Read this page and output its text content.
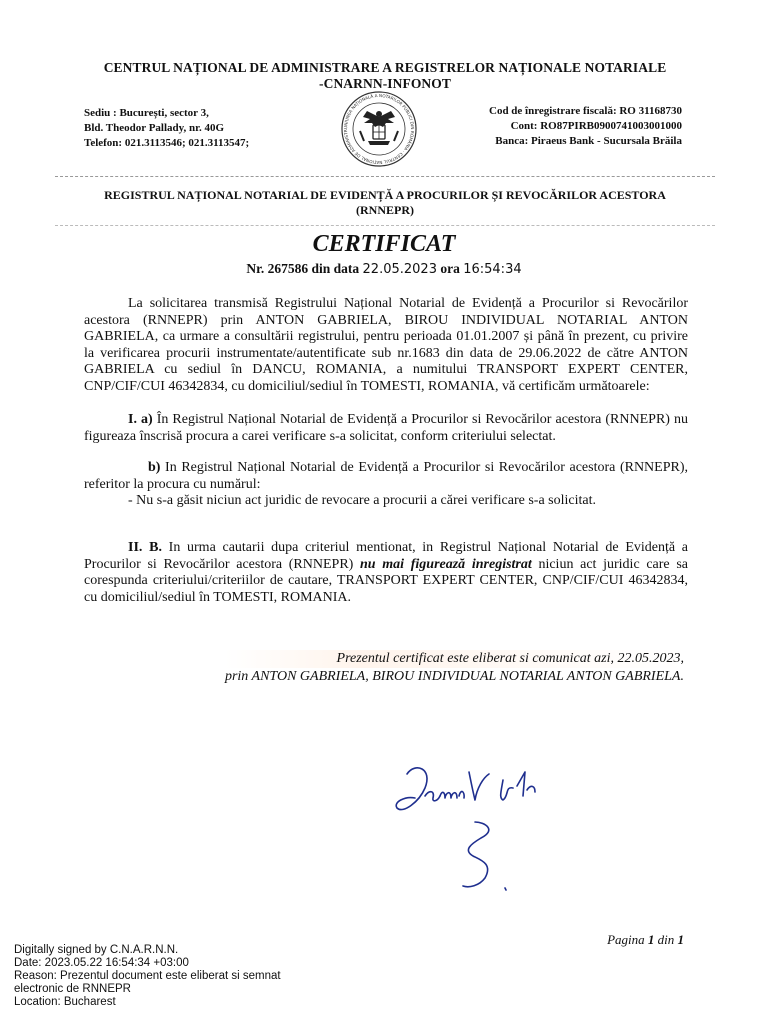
CENTRUL NAȚIONAL DE ADMINISTRARE A REGISTRELOR NAȚIONALE NOTARIALE
-CNARNN-INFONOT
Sediu : București, sector 3,
Bld. Theodor Pallady, nr. 40G
Telefon: 021.3113546; 021.3113547;
UNIUNEA NAȚIONALĂ A NOTARILOR PUBLICI DIN ROMÂNIA · CENTRUL NAȚIONAL DE ADMINISTR
Cod de înregistrare fiscală: RO 31168730
Cont: RO87PIRB0900741003001000
Banca: Piraeus Bank - Sucursala Brăila
REGISTRUL NAȚIONAL NOTARIAL DE EVIDENȚĂ A PROCURILOR ȘI REVOCĂRILOR ACESTORA
(RNNEPR)
CERTIFICAT
Nr. 267586 din data 22.05.2023 ora 16:54:34
La solicitarea transmisă Registrului Național Notarial de Evidență a Procurilor si Revocărilor acestora (RNNEPR) prin ANTON GABRIELA, BIROU INDIVIDUAL NOTARIAL ANTON GABRIELA, ca urmare a consultării registrului, pentru perioada 01.01.2007 și până în prezent, cu privire la verificarea procurii instrumentate/autentificate sub nr.1683 din data de 29.06.2022 de către ANTON GABRIELA cu sediul în DANCU, ROMANIA, a numitului TRANSPORT EXPERT CENTER, CNP/CIF/CUI 46342834, cu domiciliul/sediul în TOMESTI, ROMANIA, vă certificăm următoarele:
I. a) În Registrul Național Notarial de Evidență a Procurilor si Revocărilor acestora (RNNEPR) nu figureaza înscrisă procura a carei verificare s-a solicitat, conform criteriului selectat.
b) In Registrul Național Notarial de Evidență a Procurilor si Revocărilor acestora (RNNEPR), referitor la procura cu numărul:
- Nu s-a găsit niciun act juridic de revocare a procurii a cărei verificare s-a solicitat.
II. B. In urma cautarii dupa criteriul mentionat, in Registrul Național Notarial de Evidență a Procurilor si Revocărilor acestora (RNNEPR) nu mai figurează inregistrat niciun act juridic care sa corespunda criteriului/criteriilor de cautare, TRANSPORT EXPERT CENTER, CNP/CIF/CUI 46342834, cu domiciliul/sediul în TOMESTI, ROMANIA.
Prezentul certificat este eliberat si comunicat azi, 22.05.2023,
prin ANTON GABRIELA, BIROU INDIVIDUAL NOTARIAL ANTON GABRIELA.
Pagina 1 din 1
Digitally signed by C.N.A.R.N.N.
Date: 2023.05.22 16:54:34 +03:00
Reason: Prezentul document este eliberat si semnat
electronic de RNNEPR
Location: Bucharest
